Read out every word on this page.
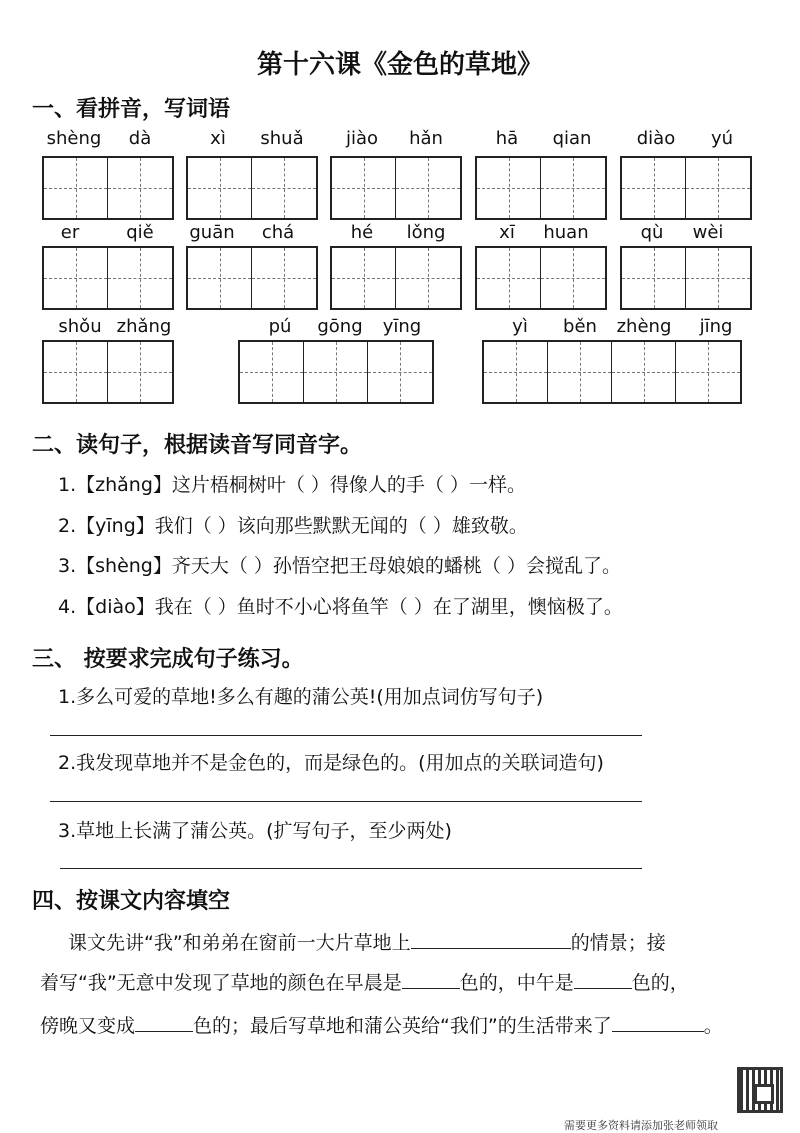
第十六课《金色的草地》
一、看拼音，写词语
shèng	dà	xì	shuǎ	jiào	hǎn	hā	qian	diào	yú
er	qiě	guān	chá	hé	lǒng	xī	huan	qù	wèi
shǒu zhǎng	pú	gōng	yīng	yì	běn	zhèng	jīng
二、读句子，根据读音写同音字。
1.【zhǎng】这片梧桐树叶（ ）得像人的手（ ）一样。
2.【yīng】我们（ ）该向那些默默无闻的（ ）雄致敬。
3.【shèng】齐天大（ ）孙悟空把王母娘娘的蟠桃（ ）会搅乱了。
4.【diào】我在（ ）鱼时不小心将鱼竿（ ）在了湖里，懊恼极了。
三、 按要求完成句子练习。
1.多么可爱的草地!多么有趣的蒲公英!(用加点词仿写句子)
2.我发现草地并不是金色的，而是绿色的。(用加点的关联词造句)
3.草地上长满了蒲公英。(扩写句子，至少两处)
四、按课文内容填空
课文先讲“我”和弟弟在窗前一大片草地上	的情景；接
着写“我”无意中发现了草地的颜色在早晨是	色的，中午是	色的，
傍晚又变成	色的；最后写草地和蒲公英给“我们”的生活带来了	。
需要更多资料请添加张老师领取
